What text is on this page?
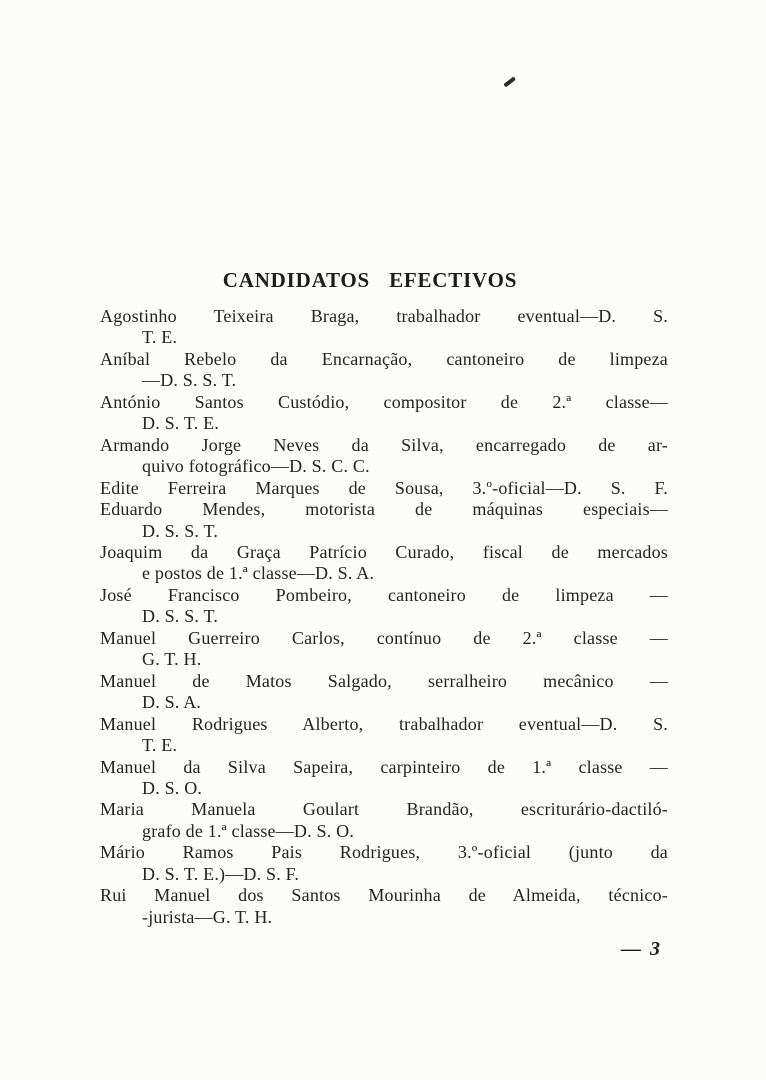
CANDIDATOS EFECTIVOS
Agostinho Teixeira Braga, trabalhador eventual—D. S.
T. E.
Aníbal Rebelo da Encarnação, cantoneiro de limpeza
—D. S. S. T.
António Santos Custódio, compositor de 2.ª classe—
D. S. T. E.
Armando Jorge Neves da Silva, encarregado de ar-
quivo fotográfico—D. S. C. C.
Edite Ferreira Marques de Sousa, 3.º-oficial—D. S. F.
Eduardo Mendes, motorista de máquinas especiais—
D. S. S. T.
Joaquim da Graça Patrício Curado, fiscal de mercados
e postos de 1.ª classe—D. S. A.
José Francisco Pombeiro, cantoneiro de limpeza —
D. S. S. T.
Manuel Guerreiro Carlos, contínuo de 2.ª classe —
G. T. H.
Manuel de Matos Salgado, serralheiro mecânico —
D. S. A.
Manuel Rodrigues Alberto, trabalhador eventual—D. S.
T. E.
Manuel da Silva Sapeira, carpinteiro de 1.ª classe —
D. S. O.
Maria Manuela Goulart Brandão, escriturário-dactiló-
grafo de 1.ª classe—D. S. O.
Mário Ramos Pais Rodrigues, 3.º-oficial (junto da
D. S. T. E.)—D. S. F.
Rui Manuel dos Santos Mourinha de Almeida, técnico-
-jurista—G. T. H.
— 3
